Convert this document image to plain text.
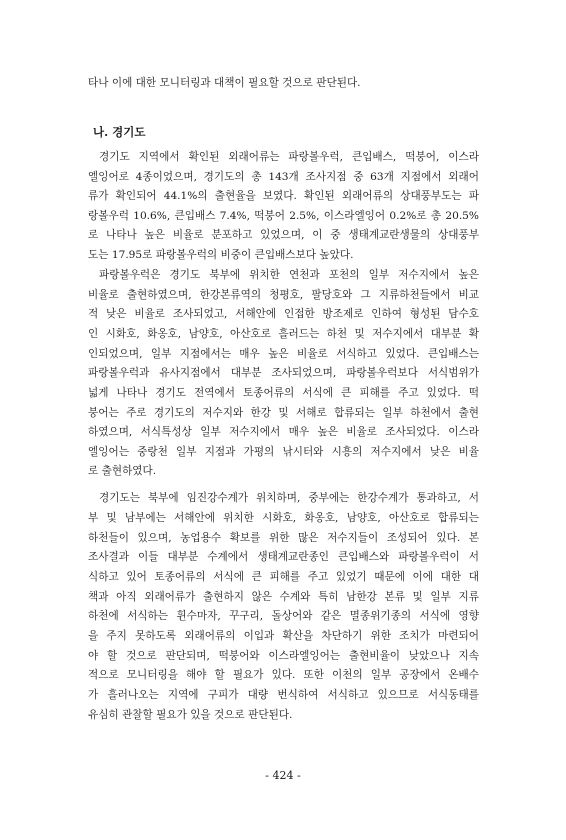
타나 이에 대한 모니터링과 대책이 필요할 것으로 판단된다.
나. 경기도
경기도 지역에서 확인된 외래어류는 파랑볼우럭, 큰입배스, 떡붕어, 이스라
엘잉어로 4종이었으며, 경기도의 총 143개 조사지점 중 63개 지점에서 외래어
류가 확인되어 44.1%의 출현율을 보였다. 확인된 외래어류의 상대풍부도는 파
랑볼우럭 10.6%, 큰입배스 7.4%, 떡붕어 2.5%, 이스라엘잉어 0.2%로 총 20.5%
로 나타나 높은 비율로 분포하고 있었으며, 이 중 생태계교란생물의 상대풍부
도는 17.95로 파랑볼우럭의 비중이 큰입배스보다 높았다.
파랑볼우럭은 경기도 북부에 위치한 연천과 포천의 일부 저수지에서 높은
비율로 출현하였으며, 한강본류역의 청평호, 팔당호와 그 지류하천들에서 비교
적 낮은 비율로 조사되었고, 서해안에 인접한 방조제로 인하여 형성된 담수호
인 시화호, 화옹호, 남양호, 아산호로 흘러드는 하천 및 저수지에서 대부분 확
인되었으며, 일부 지점에서는 매우 높은 비율로 서식하고 있었다. 큰입배스는
파랑볼우럭과 유사지점에서 대부분 조사되었으며, 파랑볼우럭보다 서식범위가
넓게 나타나 경기도 전역에서 토종어류의 서식에 큰 피해를 주고 있었다. 떡
붕어는 주로 경기도의 저수지와 한강 및 서해로 합류되는 일부 하천에서 출현
하였으며, 서식특성상 일부 저수지에서 매우 높은 비율로 조사되었다. 이스라
엘잉어는 중랑천 일부 지점과 가평의 낚시터와 시흥의 저수지에서 낮은 비율
로 출현하였다.
경기도는 북부에 임진강수계가 위치하며, 중부에는 한강수계가 통과하고, 서
부 및 남부에는 서해안에 위치한 시화호, 화옹호, 남양호, 아산호로 합류되는
하천들이 있으며, 농업용수 확보를 위한 많은 저수지들이 조성되어 있다. 본
조사결과 이들 대부분 수계에서 생태계교란종인 큰입배스와 파랑볼우럭이 서
식하고 있어 토종어류의 서식에 큰 피해를 주고 있었기 때문에 이에 대한 대
책과 아직 외래어류가 출현하지 않은 수계와 특히 남한강 본류 및 일부 지류
하천에 서식하는 휜수마자, 꾸구리, 돌상어와 같은 멸종위기종의 서식에 영향
을 주지 못하도록 외래어류의 이입과 확산을 차단하기 위한 조치가 마련되어
야 할 것으로 판단되며, 떡붕어와 이스라엘잉어는 출현비율이 낮았으나 지속
적으로 모니터링을 해야 할 필요가 있다. 또한 이천의 일부 공장에서 온배수
가 흘러나오는 지역에 구피가 대량 번식하여 서식하고 있으므로 서식동태를
유심히 관찰할 필요가 있을 것으로 판단된다.
- 424 -
